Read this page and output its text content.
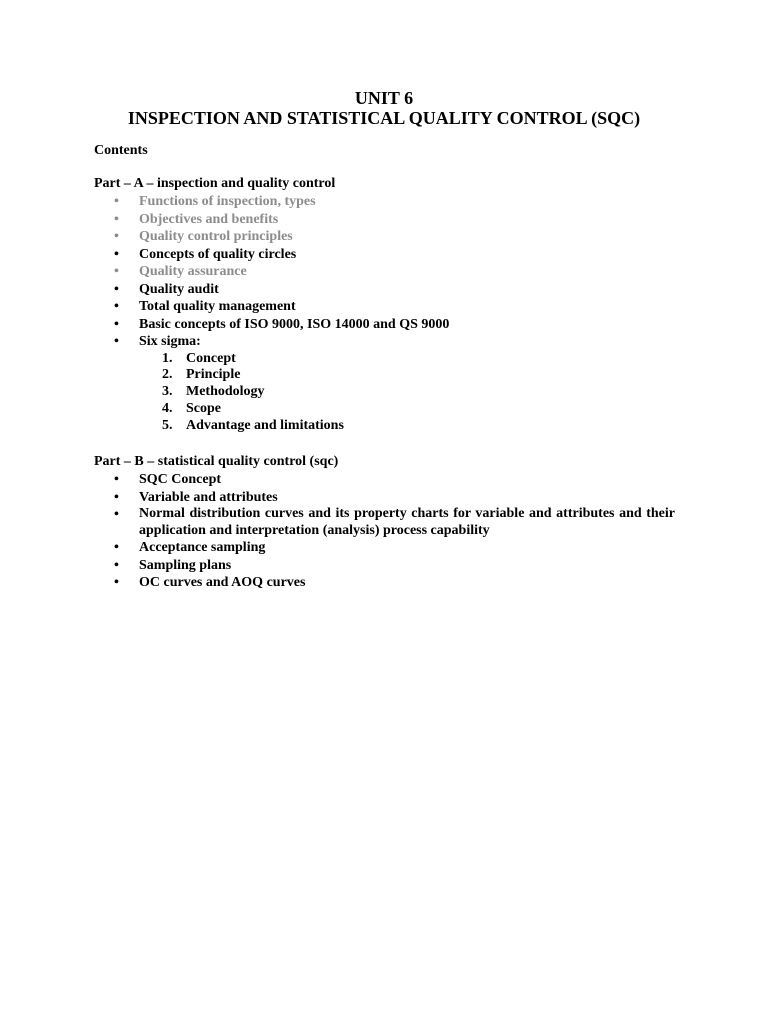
UNIT 6
INSPECTION AND STATISTICAL QUALITY CONTROL (SQC)

Contents

Part – A – inspection and quality control

• Functions of inspection, types
• Objectives and benefits
• Quality control principles
• Concepts of quality circles
• Quality assurance
• Quality audit
• Total quality management
• Basic concepts of ISO 9000, ISO 14000 and QS 9000
• Six sigma:
1. Concept
2. Principle
3. Methodology
4. Scope
5. Advantage and limitations

Part – B – statistical quality control (sqc)

• SQC Concept
• Variable and attributes
• Normal distribution curves and its property charts for variable and attributes and their application and interpretation (analysis) process capability
• Acceptance sampling
• Sampling plans
• OC curves and AOQ curves
